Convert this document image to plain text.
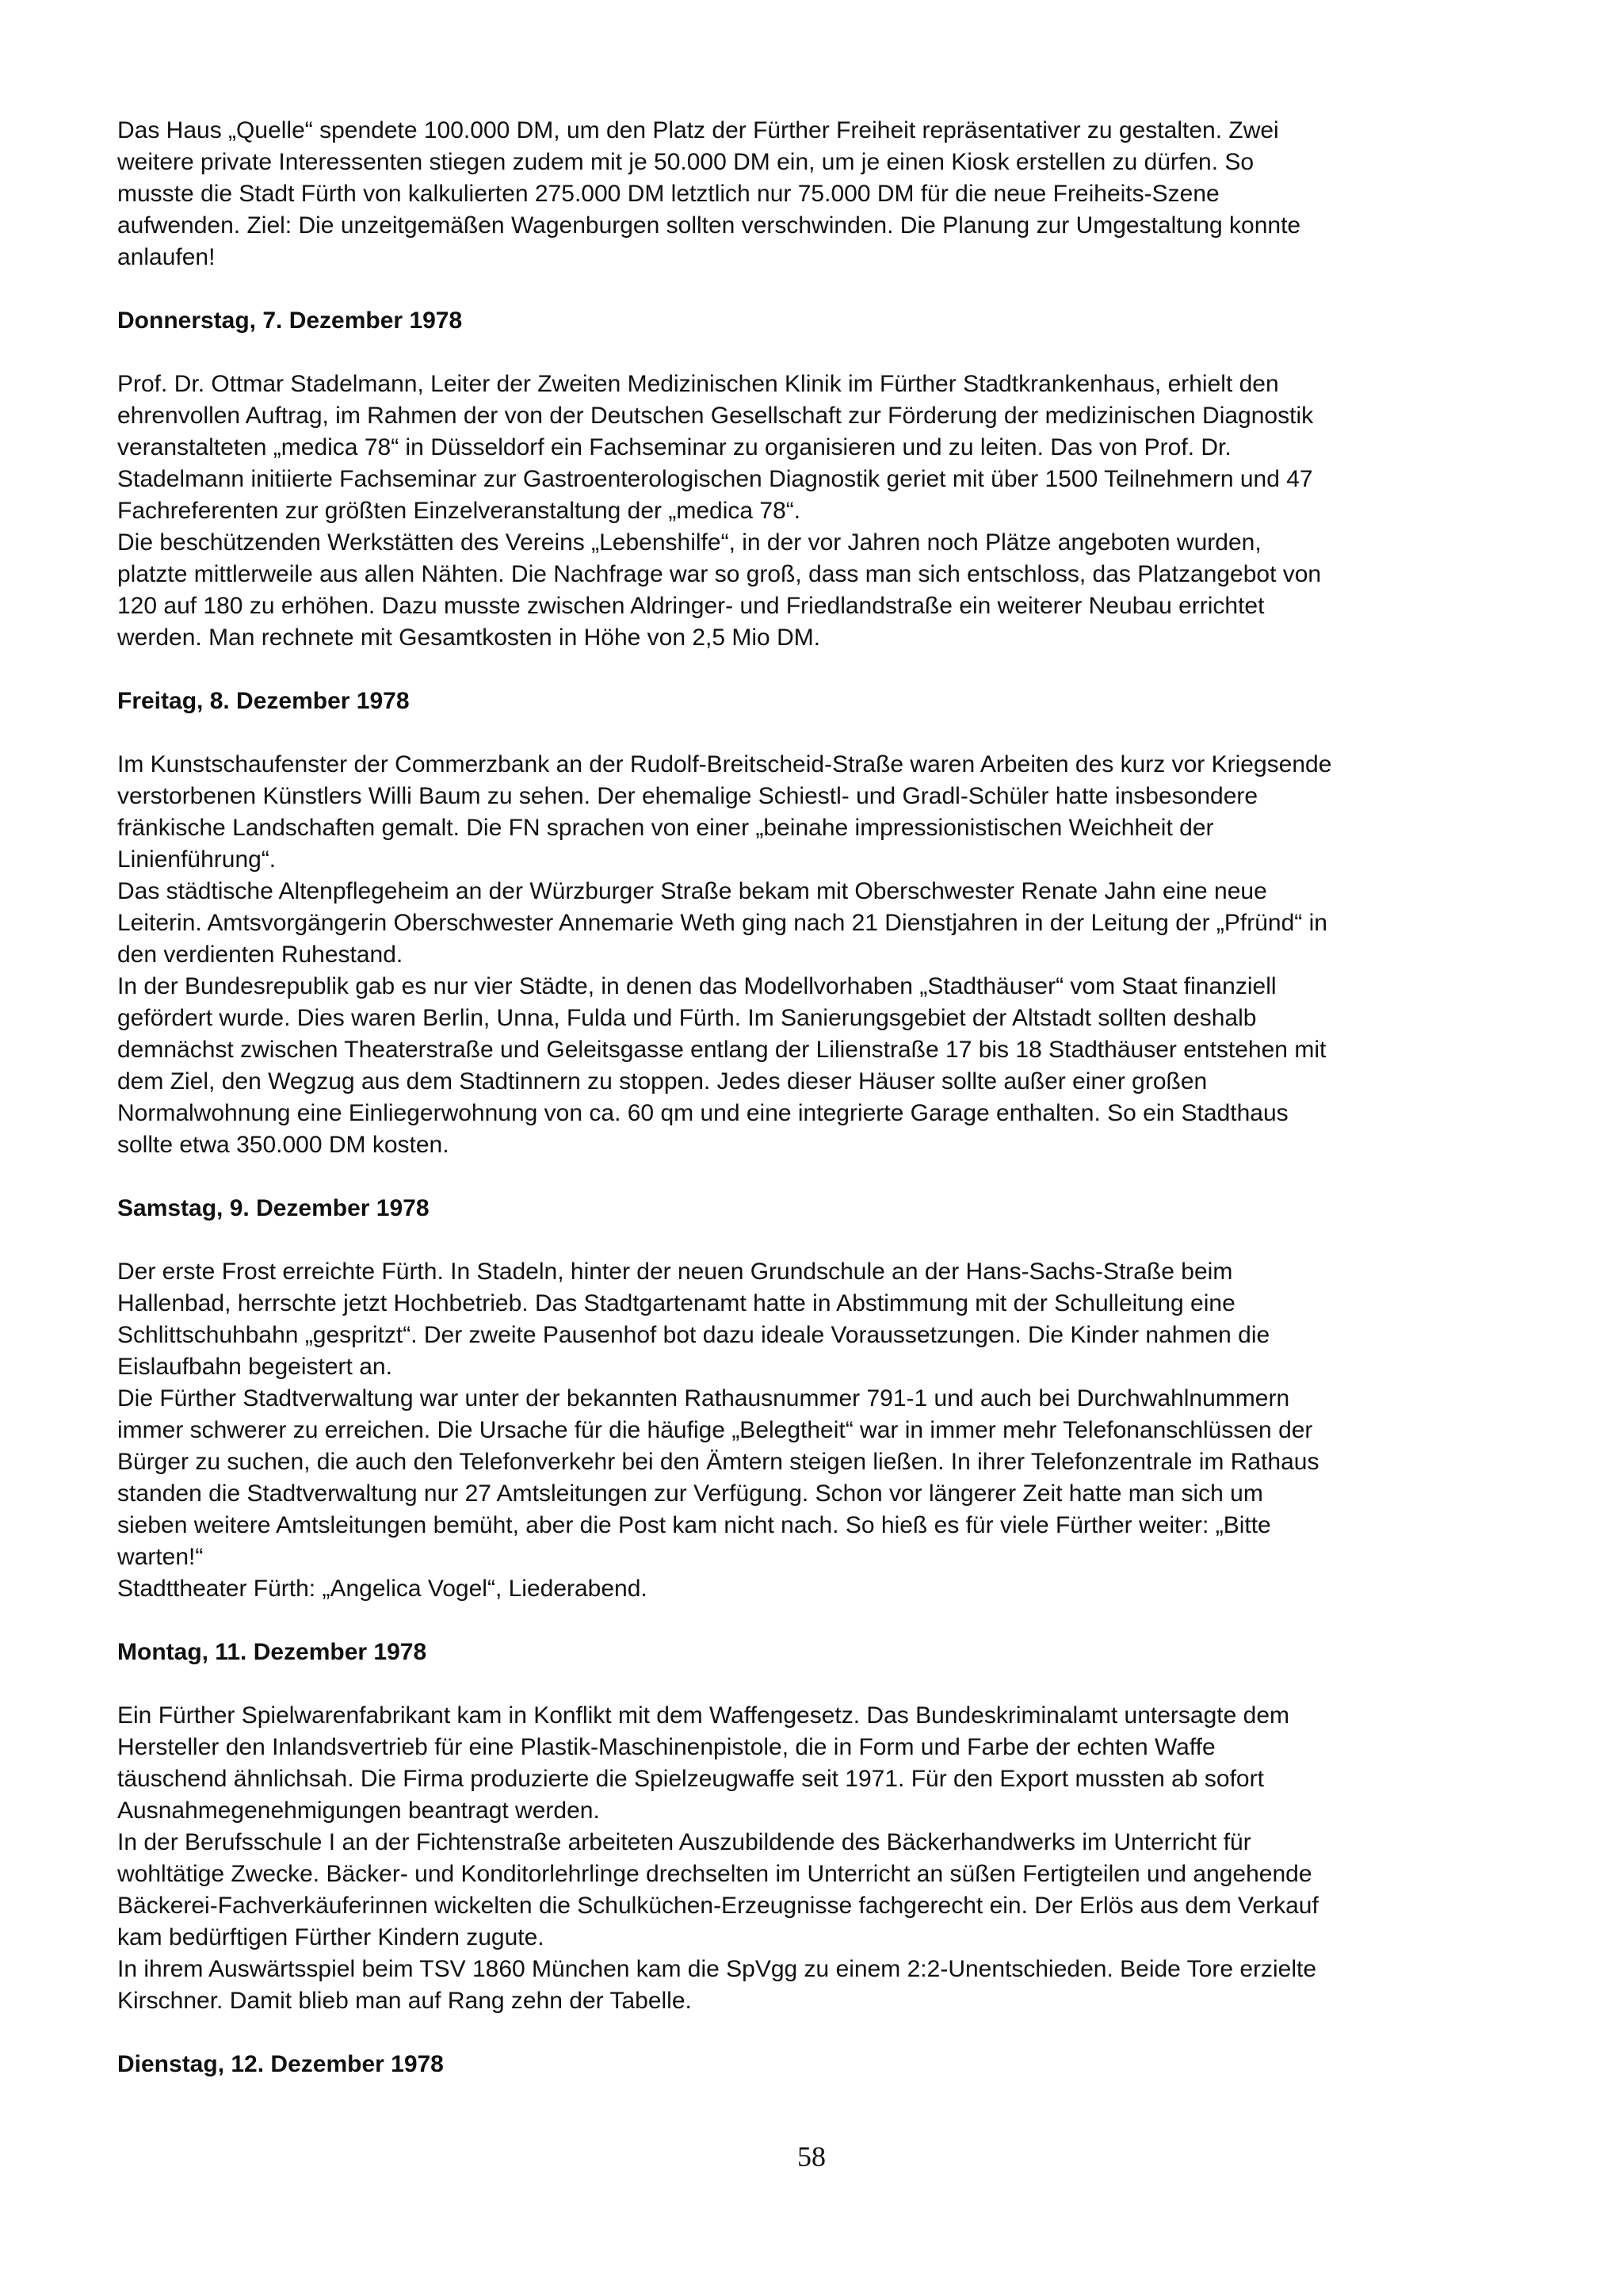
Das Haus „Quelle“ spendete 100.000 DM, um den Platz der Fürther Freiheit repräsentativer zu gestalten. Zwei
weitere private Interessenten stiegen zudem mit je 50.000 DM ein, um je einen Kiosk erstellen zu dürfen. So
musste die Stadt Fürth von kalkulierten 275.000 DM letztlich nur 75.000 DM für die neue Freiheits-Szene
aufwenden. Ziel: Die unzeitgemäßen Wagenburgen sollten verschwinden. Die Planung zur Umgestaltung konnte
anlaufen!
Donnerstag, 7. Dezember 1978
Prof. Dr. Ottmar Stadelmann, Leiter der Zweiten Medizinischen Klinik im Fürther Stadtkrankenhaus, erhielt den
ehrenvollen Auftrag, im Rahmen der von der Deutschen Gesellschaft zur Förderung der medizinischen Diagnostik
veranstalteten „medica 78“ in Düsseldorf ein Fachseminar zu organisieren und zu leiten. Das von Prof. Dr.
Stadelmann initiierte Fachseminar zur Gastroenterologischen Diagnostik geriet mit über 1500 Teilnehmern und 47
Fachreferenten zur größten Einzelveranstaltung der „medica 78“.
Die beschützenden Werkstätten des Vereins „Lebenshilfe“, in der vor Jahren noch Plätze angeboten wurden,
platzte mittlerweile aus allen Nähten. Die Nachfrage war so groß, dass man sich entschloss, das Platzangebot von
120 auf 180 zu erhöhen. Dazu musste zwischen Aldringer- und Friedlandstraße ein weiterer Neubau errichtet
werden. Man rechnete mit Gesamtkosten in Höhe von 2,5 Mio DM.
Freitag, 8. Dezember 1978
Im Kunstschaufenster der Commerzbank an der Rudolf-Breitscheid-Straße waren Arbeiten des kurz vor Kriegsende
verstorbenen Künstlers Willi Baum zu sehen. Der ehemalige Schiestl- und Gradl-Schüler hatte insbesondere
fränkische Landschaften gemalt. Die FN sprachen von einer „beinahe impressionistischen Weichheit der
Linienführung“.
Das städtische Altenpflegeheim an der Würzburger Straße bekam mit Oberschwester Renate Jahn eine neue
Leiterin. Amtsvorgängerin Oberschwester Annemarie Weth ging nach 21 Dienstjahren in der Leitung der „Pfründ“ in
den verdienten Ruhestand.
In der Bundesrepublik gab es nur vier Städte, in denen das Modellvorhaben „Stadthäuser“ vom Staat finanziell
gefördert wurde. Dies waren Berlin, Unna, Fulda und Fürth. Im Sanierungsgebiet der Altstadt sollten deshalb
demnächst zwischen Theaterstraße und Geleitsgasse entlang der Lilienstraße 17 bis 18 Stadthäuser entstehen mit
dem Ziel, den Wegzug aus dem Stadtinnern zu stoppen. Jedes dieser Häuser sollte außer einer großen
Normalwohnung eine Einliegerwohnung von ca. 60 qm und eine integrierte Garage enthalten. So ein Stadthaus
sollte etwa 350.000 DM kosten.
Samstag, 9. Dezember 1978
Der erste Frost erreichte Fürth. In Stadeln, hinter der neuen Grundschule an der Hans-Sachs-Straße beim
Hallenbad, herrschte jetzt Hochbetrieb. Das Stadtgartenamt hatte in Abstimmung mit der Schulleitung eine
Schlittschuhbahn „gespritzt“. Der zweite Pausenhof bot dazu ideale Voraussetzungen. Die Kinder nahmen die
Eislaufbahn begeistert an.
Die Fürther Stadtverwaltung war unter der bekannten Rathausnummer 791-1 und auch bei Durchwahlnummern
immer schwerer zu erreichen. Die Ursache für die häufige „Belegtheit“ war in immer mehr Telefonanschlüssen der
Bürger zu suchen, die auch den Telefonverkehr bei den Ämtern steigen ließen. In ihrer Telefonzentrale im Rathaus
standen die Stadtverwaltung nur 27 Amtsleitungen zur Verfügung. Schon vor längerer Zeit hatte man sich um
sieben weitere Amtsleitungen bemüht, aber die Post kam nicht nach. So hieß es für viele Fürther weiter: „Bitte
warten!“
Stadttheater Fürth: „Angelica Vogel“, Liederabend.
Montag, 11. Dezember 1978
Ein Fürther Spielwarenfabrikant kam in Konflikt mit dem Waffengesetz. Das Bundeskriminalamt untersagte dem
Hersteller den Inlandsvertrieb für eine Plastik-Maschinenpistole, die in Form und Farbe der echten Waffe
täuschend ähnlichsah. Die Firma produzierte die Spielzeugwaffe seit 1971. Für den Export mussten ab sofort
Ausnahmegenehmigungen beantragt werden.
In der Berufsschule I an der Fichtenstraße arbeiteten Auszubildende des Bäckerhandwerks im Unterricht für
wohltätige Zwecke. Bäcker- und Konditorlehrlinge drechselten im Unterricht an süßen Fertigteilen und angehende
Bäckerei-Fachverkäuferinnen wickelten die Schulküchen-Erzeugnisse fachgerecht ein. Der Erlös aus dem Verkauf
kam bedürftigen Fürther Kindern zugute.
In ihrem Auswärtsspiel beim TSV 1860 München kam die SpVgg zu einem 2:2-Unentschieden. Beide Tore erzielte
Kirschner. Damit blieb man auf Rang zehn der Tabelle.
Dienstag, 12. Dezember 1978
58
